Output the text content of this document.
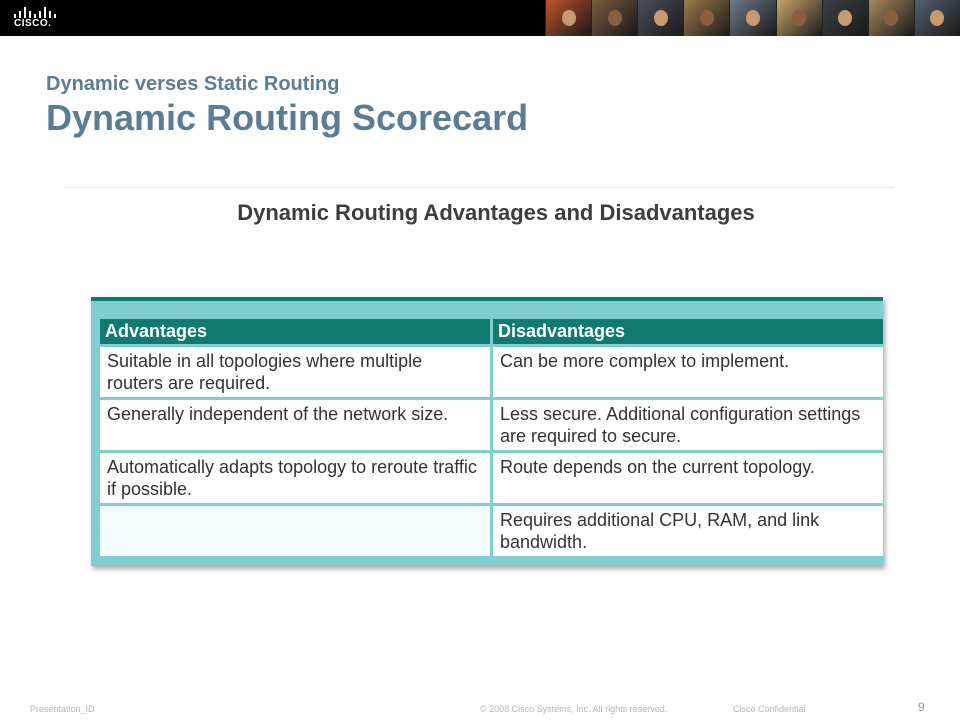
CISCO.
Dynamic verses Static Routing
Dynamic Routing Scorecard
Dynamic Routing Advantages and Disadvantages
Advantages	Disadvantages
Suitable in all topologies where multiple routers are required.	Can be more complex to implement.
Generally independent of the network size.	Less secure. Additional configuration settings are required to secure.
Automatically adapts topology to reroute traffic if possible.	Route depends on the current topology.
	Requires additional CPU, RAM, and link bandwidth.
Presentation_ID	© 2008 Cisco Systems, Inc. All rights reserved.	Cisco Confidential	9
